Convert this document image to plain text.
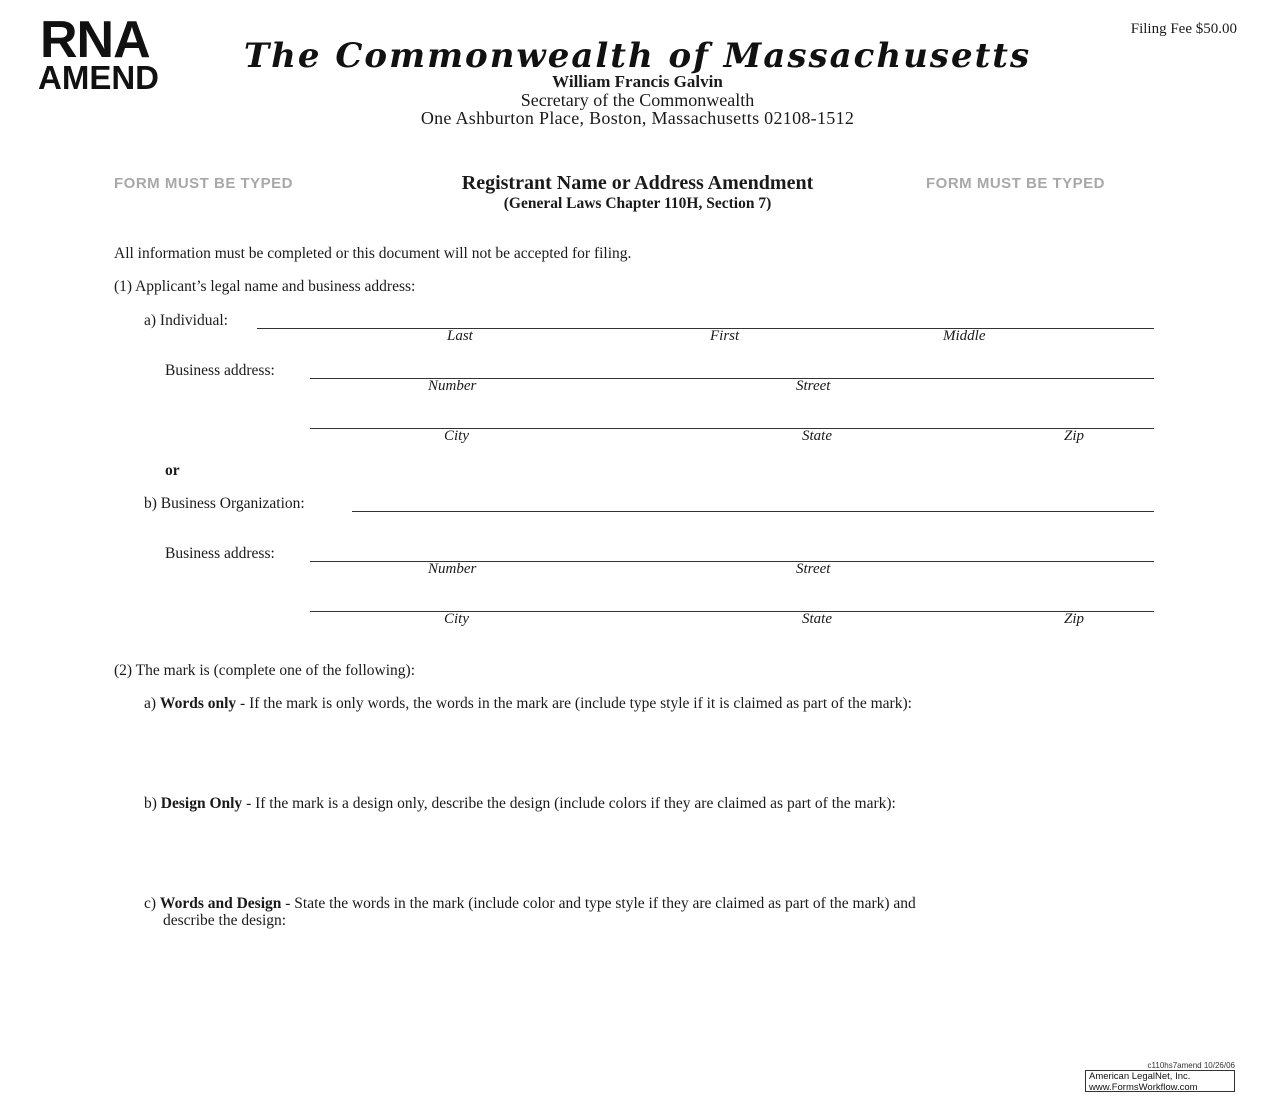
RNA
AMEND
Filing Fee $50.00
The Commonwealth of Massachusetts
William Francis Galvin
Secretary of the Commonwealth
One Ashburton Place, Boston, Massachusetts 02108-1512
FORM MUST BE TYPED	FORM MUST BE TYPED
Registrant Name or Address Amendment
(General Laws Chapter 110H, Section 7)
All information must be completed or this document will not be accepted for filing.
(1) Applicant’s legal name and business address:
a) Individual:
Last	First	Middle
Business address:
Number	Street
City	State	Zip
or
b) Business Organization:
Business address:
Number	Street
City	State	Zip
(2) The mark is (complete one of the following):
a) Words only - If the mark is only words, the words in the mark are (include type style if it is claimed as part of the mark):
b) Design Only - If the mark is a design only, describe the design (include colors if they are claimed as part of the mark):
c) Words and Design - State the words in the mark (include color and type style if they are claimed as part of the mark) and
describe the design:
c110hs7amend 10/26/06
American LegalNet, Inc.
www.FormsWorkflow.com
